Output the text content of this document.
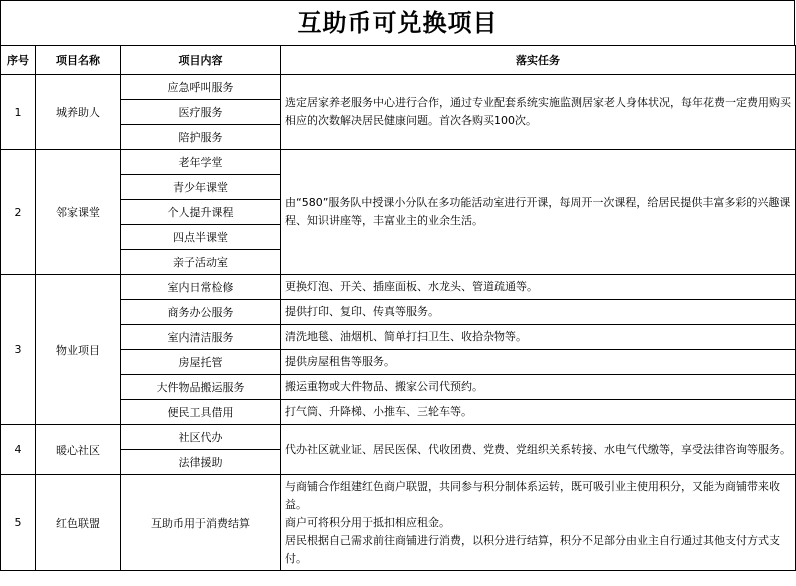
互助币可兑换项目
序号	项目名称	项目内容	落实任务
1	城养助人	应急呼叫服务	选定居家养老服务中心进行合作，通过专业配套系统实施监测居家老人身体状况，每年花费一定费用购买相应的次数解决居民健康问题。首次各购买100次。
		医疗服务	
		陪护服务	
2	邻家课堂	老年学堂	由“580”服务队中授课小分队在多功能活动室进行开课，每周开一次课程，给居民提供丰富多彩的兴趣课程、知识讲座等，丰富业主的业余生活。
		青少年课堂	
		个人提升课程	
		四点半课堂	
		亲子活动室	
3	物业项目	室内日常检修	更换灯泡、开关、插座面板、水龙头、管道疏通等。
		商务办公服务	提供打印、复印、传真等服务。
		室内清洁服务	清洗地毯、油烟机、简单打扫卫生、收拾杂物等。
		房屋托管	提供房屋租售等服务。
		大件物品搬运服务	搬运重物或大件物品、搬家公司代预约。
		便民工具借用	打气筒、升降梯、小推车、三轮车等。
4	暖心社区	社区代办	代办社区就业证、居民医保、代收团费、党费、党组织关系转接、水电气代缴等，享受法律咨询等服务。
		法律援助	
5	红色联盟	互助币用于消费结算	与商铺合作组建红色商户联盟，共同参与积分制体系运转，既可吸引业主使用积分，又能为商铺带来收益。
商户可将积分用于抵扣相应租金。
居民根据自己需求前往商铺进行消费，以积分进行结算，积分不足部分由业主自行通过其他支付方式支付。
